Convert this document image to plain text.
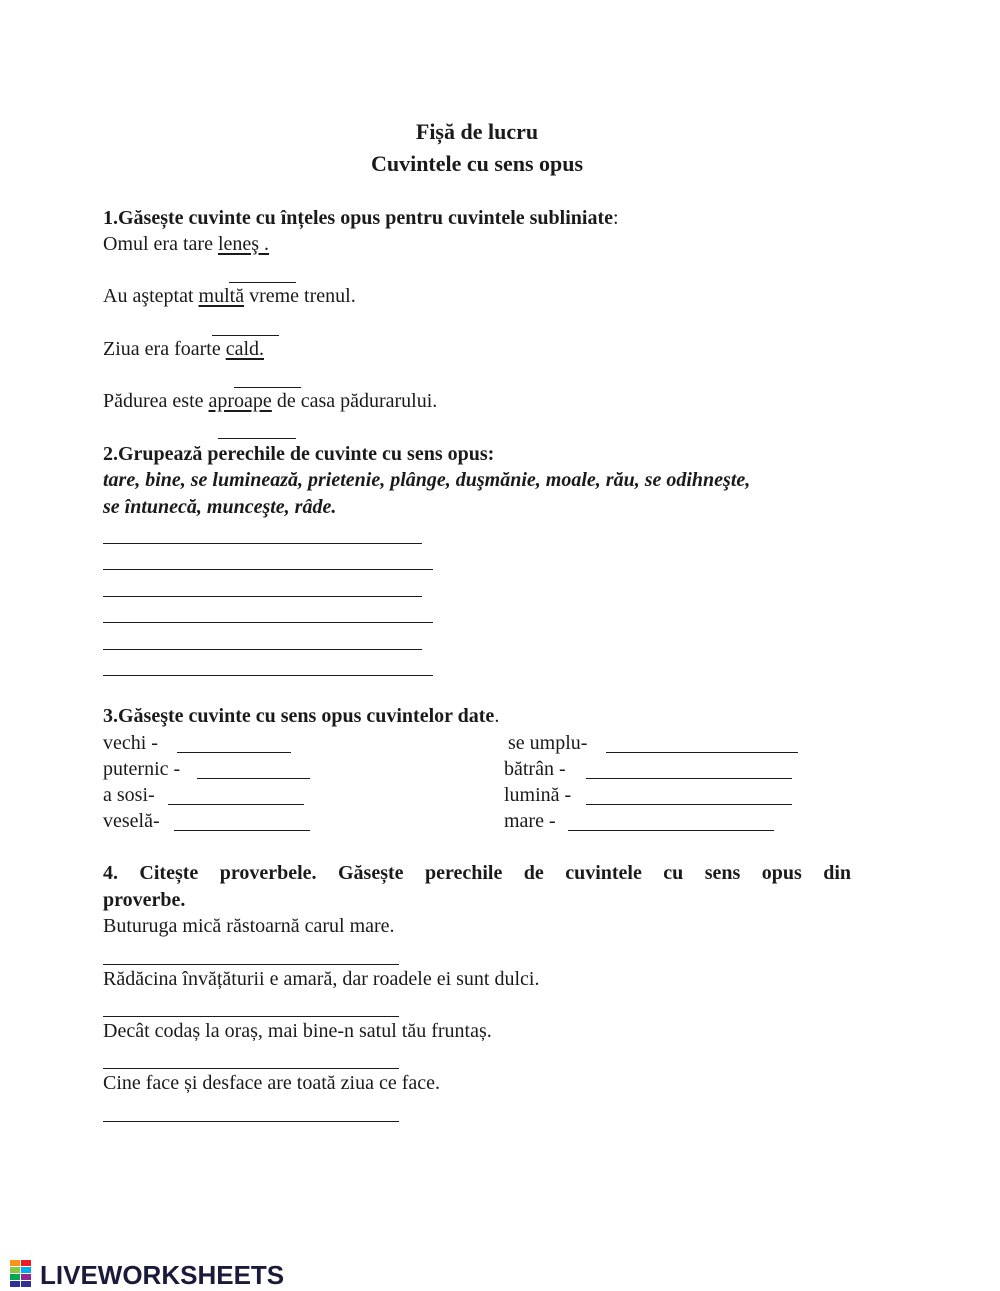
Fișă de lucru
Cuvintele cu sens opus
1.Găsește cuvinte cu înțeles opus pentru cuvintele subliniate:
Omul era tare leneş .
Au aşteptat multă vreme trenul.
Ziua era foarte cald.
Pădurea este aproape de casa pădurarului.
2.Grupează perechile de cuvinte cu sens opus:
tare, bine, se luminează, prietenie, plânge, duşmănie, moale, rău, se odihneşte,
se întunecă, munceşte, râde.
3.Găseşte cuvinte cu sens opus cuvintelor date.
vechi -	se umplu-
puternic -	bătrân -
a sosi-	lumină -
veselă-	mare -
4. Citește proverbele. Găsește perechile de cuvintele cu sens opus din
proverbe.
Buturuga mică răstoarnă carul mare.
Rădăcina învățăturii e amară, dar roadele ei sunt dulci.
Decât codaș la oraș, mai bine-n satul tău fruntaș.
Cine face și desface are toată ziua ce face.
LIVEWORKSHEETS
